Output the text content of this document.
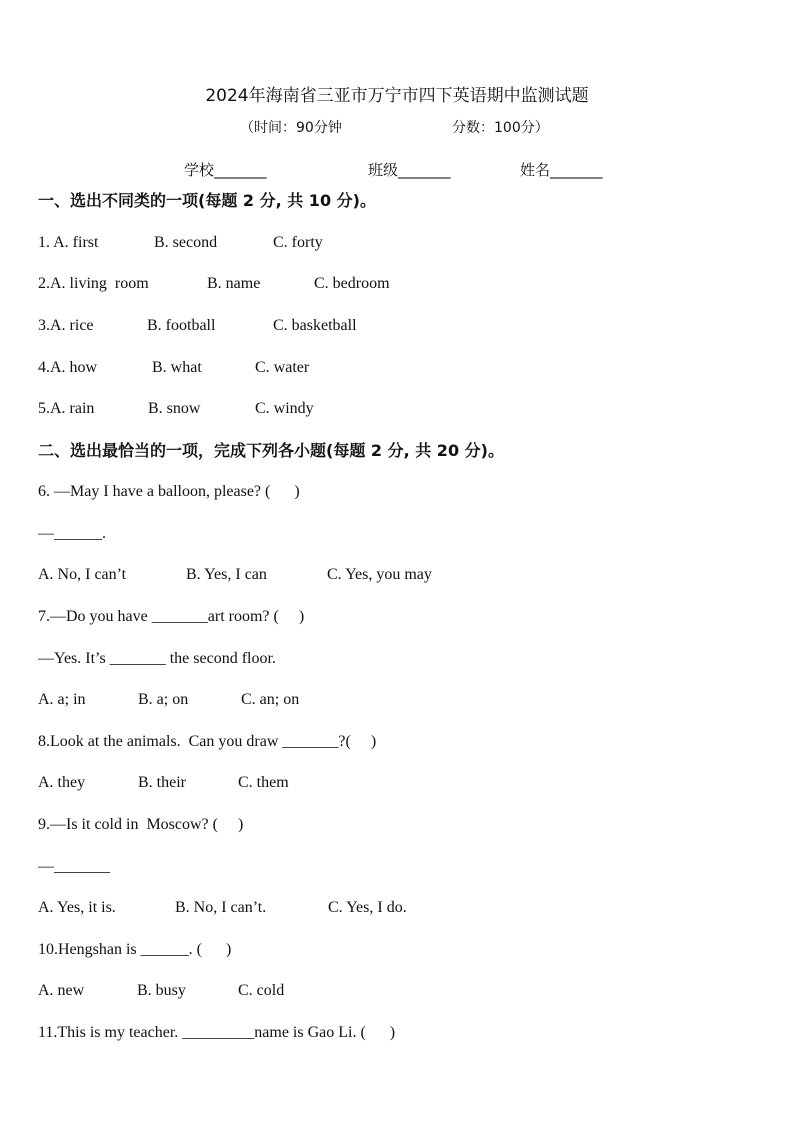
2024年海南省三亚市万宁市四下英语期中监测试题
（时间：90分钟	分数：100分）
学校_______	班级_______	姓名_______
一、选出不同类的一项(每题 2 分, 共 10 分)。
1. A. first	B. second	C. forty
2.A. living  room	B. name	C. bedroom
3.A. rice	B. football	C. basketball
4.A. how	B. what	C. water
5.A. rain	B. snow	C. windy
二、选出最恰当的一项，完成下列各小题(每题 2 分, 共 20 分)。
6. —May I have a balloon, please? (      )
—______.
A. No, I can’t	B. Yes, I can	C. Yes, you may
7.—Do you have _______art room? (     )
—Yes. It’s _______ the second floor.
A. a; in	B. a; on	C. an; on
8.Look at the animals.  Can you draw _______?(     )
A. they	B. their	C. them
9.—Is it cold in  Moscow? (     )
—_______
A. Yes, it is.	B. No, I can’t.	C. Yes, I do.
10.Hengshan is ______. (      )
A. new	B. busy	C. cold
11.This is my teacher. _________name is Gao Li. (      )
